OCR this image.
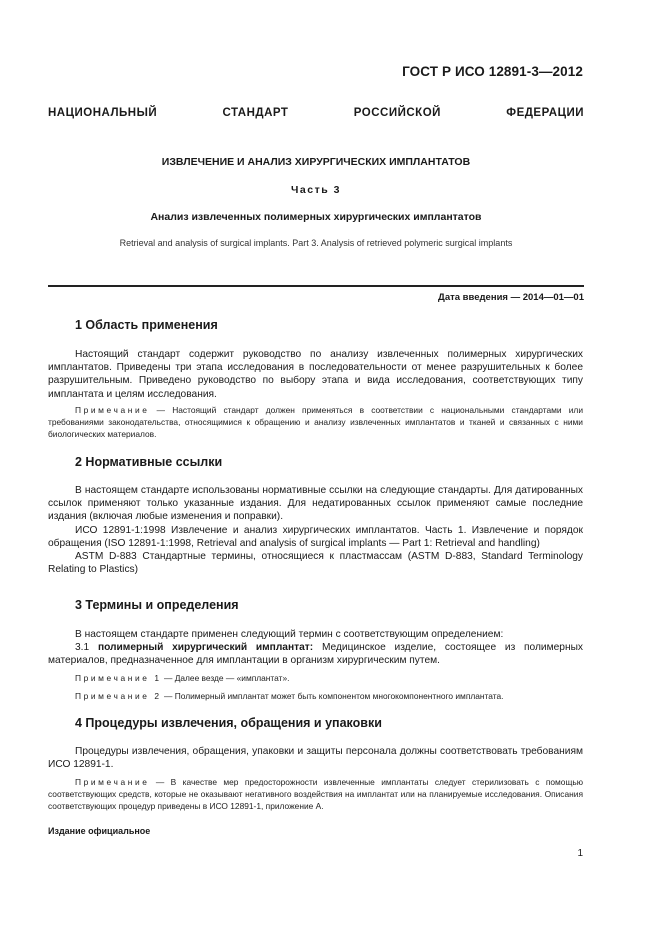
ГОСТ Р ИСО 12891-3—2012
НАЦИОНАЛЬНЫЙ СТАНДАРТ РОССИЙСКОЙ ФЕДЕРАЦИИ
ИЗВЛЕЧЕНИЕ И АНАЛИЗ ХИРУРГИЧЕСКИХ ИМПЛАНТАТОВ
Часть 3
Анализ извлеченных полимерных хирургических имплантатов
Retrieval and analysis of surgical implants. Part 3. Analysis of retrieved polymeric surgical implants
Дата введения — 2014—01—01
1 Область применения

Настоящий стандарт содержит руководство по анализу извлеченных полимерных хирургических имплантатов. Приведены три этапа исследования в последовательности от менее разрушительных к более разрушительным. Приведено руководство по выбору этапа и вида исследования, соответствующих типу имплантата и целям исследования.

Примечание — Настоящий стандарт должен применяться в соответствии с национальными стандартами или требованиями законодательства, относящимися к обращению и анализу извлеченных имплантатов и тканей и связанных с ними биологических материалов.

2 Нормативные ссылки

В настоящем стандарте использованы нормативные ссылки на следующие стандарты. Для датированных ссылок применяют только указанные издания. Для недатированных ссылок применяют самые последние издания (включая любые изменения и поправки).

ИСО 12891-1:1998 Извлечение и анализ хирургических имплантатов. Часть 1. Извлечение и порядок обращения (ISO 12891-1:1998, Retrieval and analysis of surgical implants — Part 1: Retrieval and handling)

ASTM D-883 Стандартные термины, относящиеся к пластмассам (ASTM D-883, Standard Terminology Relating to Plastics)

3 Термины и определения

В настоящем стандарте применен следующий термин с соответствующим определением:

3.1 полимерный хирургический имплантат: Медицинское изделие, состоящее из полимерных материалов, предназначенное для имплантации в организм хирургическим путем.

Примечание 1 — Далее везде — «имплантат».

Примечание 2 — Полимерный имплантат может быть компонентом многокомпонентного имплантата.

4 Процедуры извлечения, обращения и упаковки

Процедуры извлечения, обращения, упаковки и защиты персонала должны соответствовать требованиям ИСО 12891-1.

Примечание — В качестве мер предосторожности извлеченные имплантаты следует стерилизовать с помощью соответствующих средств, которые не оказывают негативного воздействия на имплантат или на планируемые исследования. Описания соответствующих процедур приведены в ИСО 12891-1, приложение А.

Издание официальное
1
